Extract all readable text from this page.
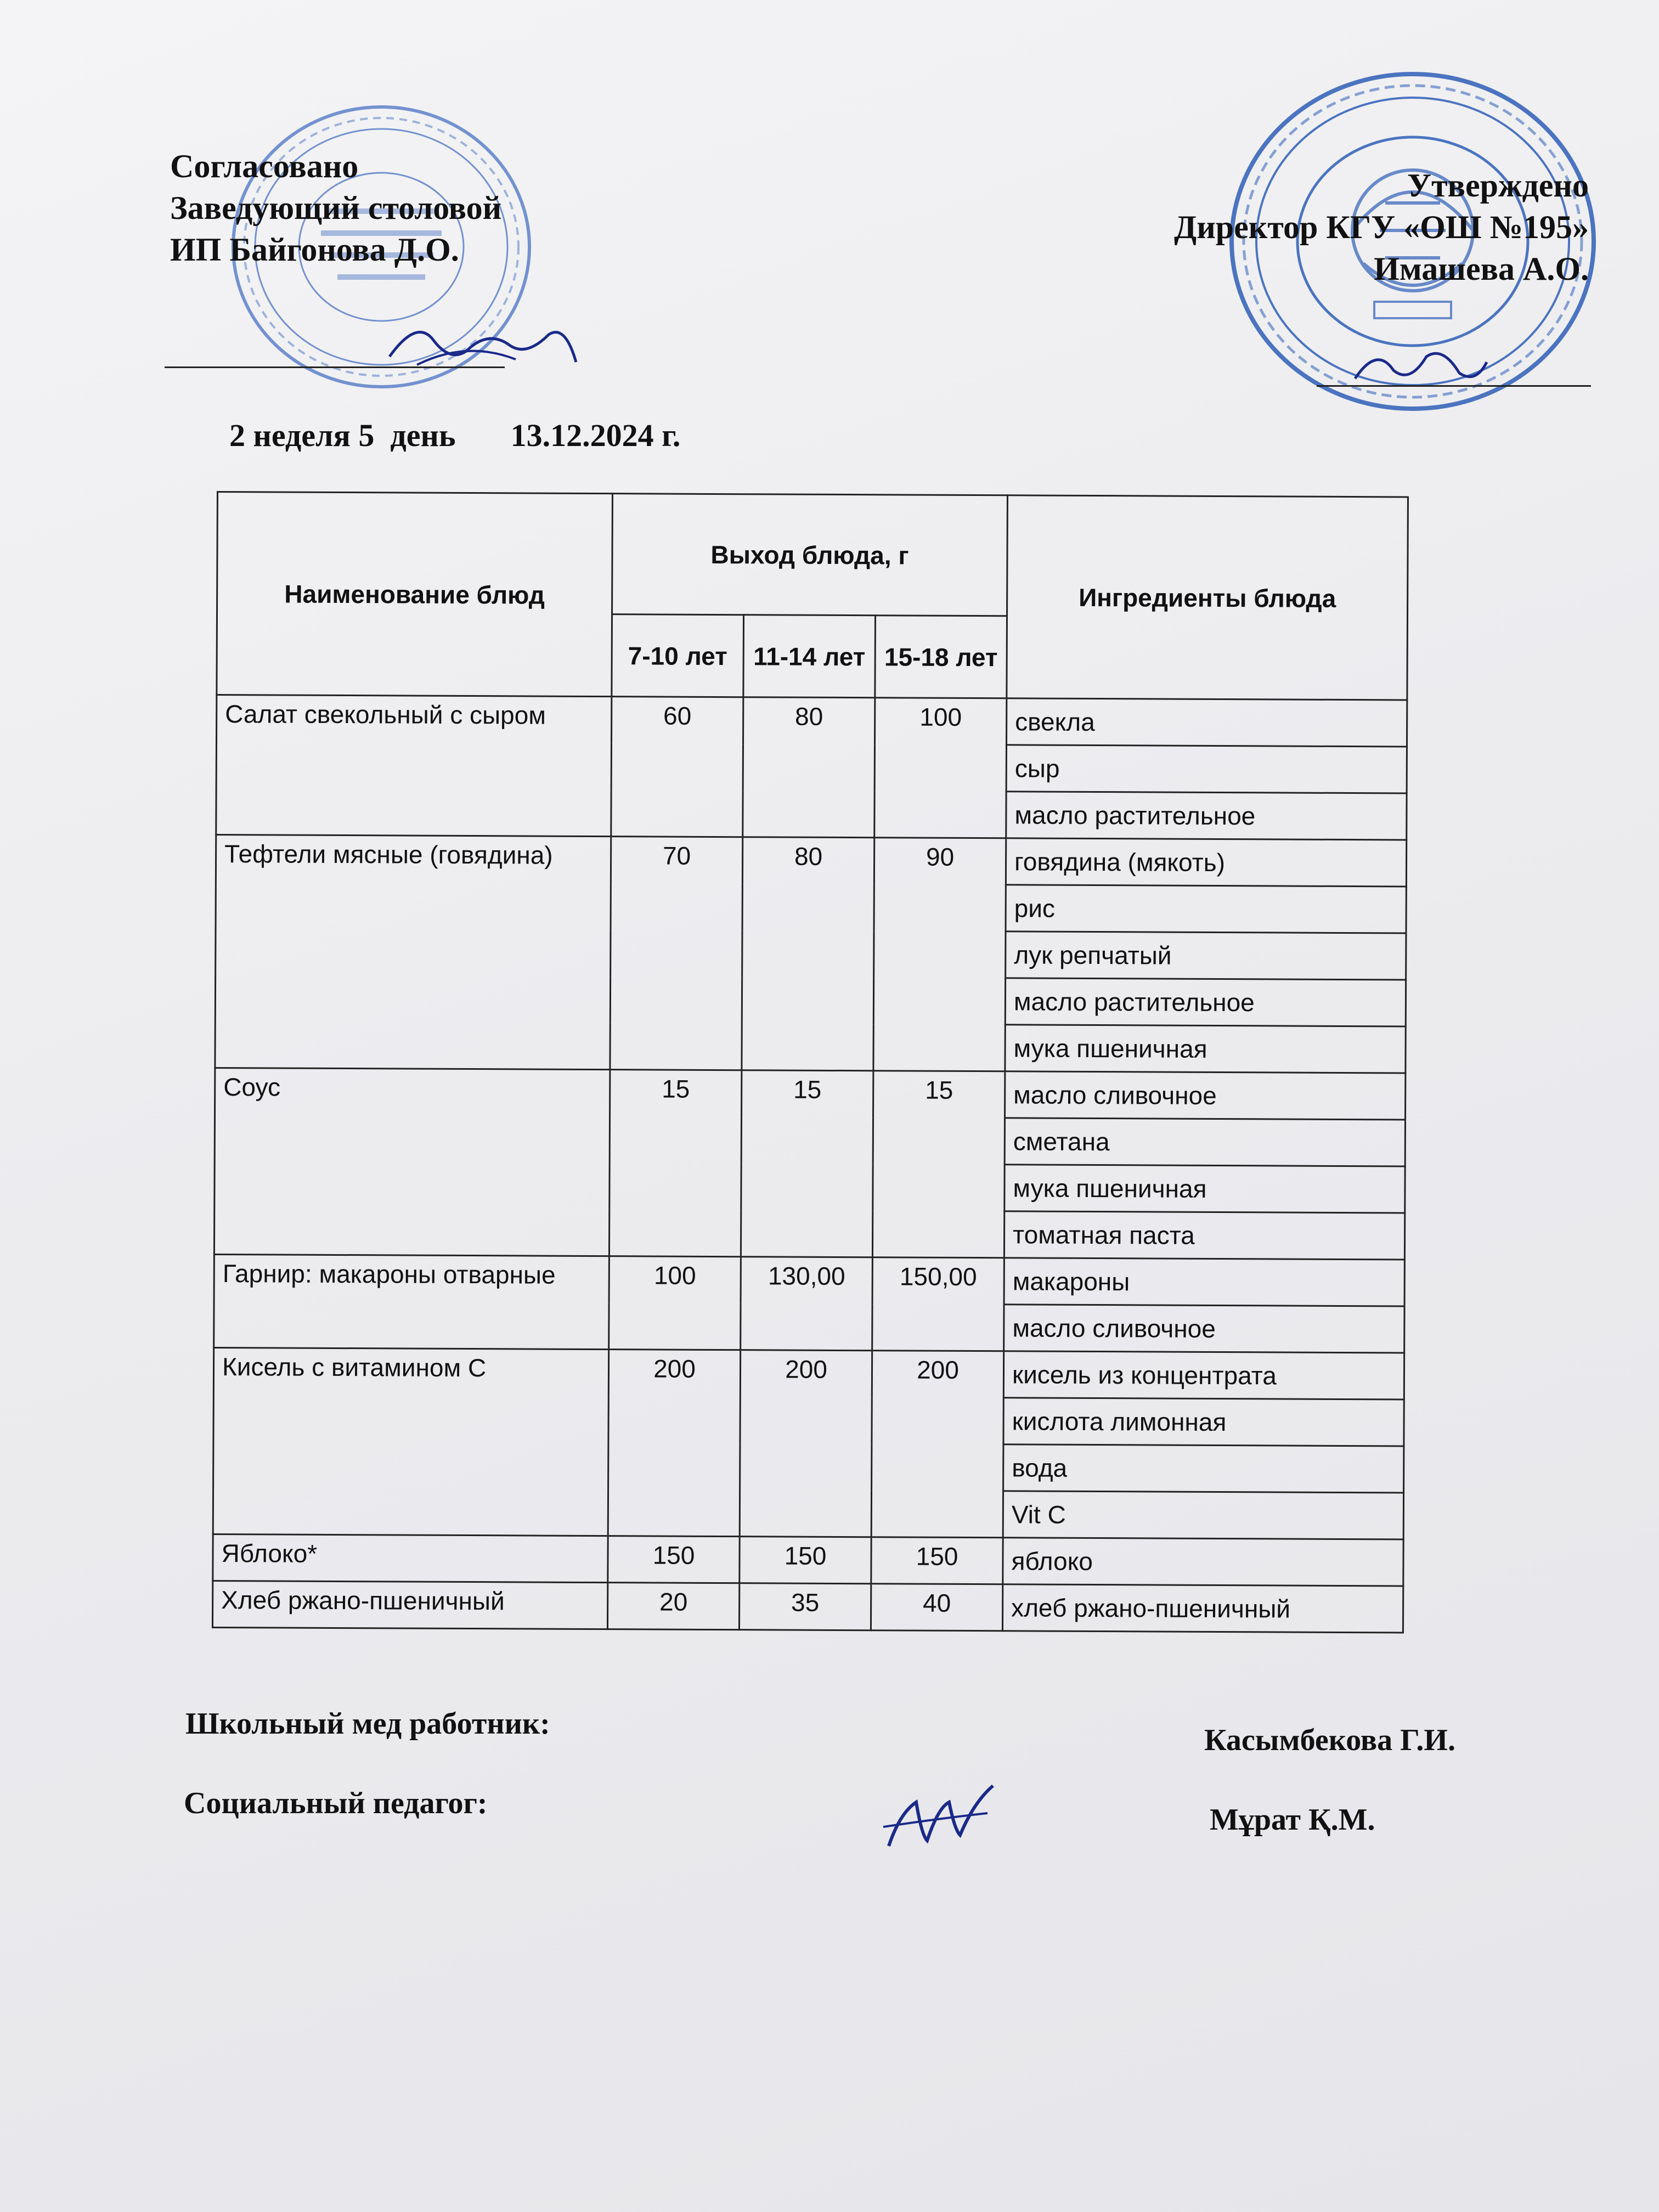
Согласовано
Заведующий столовой
ИП Байгонова Д.О.
Утверждено
Директор КГУ «ОШ №195»
Имашева А.О.
2 неделя 5  день 13.12.2024 г.
Наименование блюд	Выход блюда, г			Ингредиенты блюда
	7-10 лет	11-14 лет	15-18 лет	
Салат свекольный с сыром	60	80	100	свекла
				сыр
				масло растительное
Тефтели мясные (говядина)	70	80	90	говядина (мякоть)
				рис
				лук репчатый
				масло растительное
				мука пшеничная
Соус	15	15	15	масло сливочное
				сметана
				мука пшеничная
				томатная паста
Гарнир: макароны отварные	100	130,00	150,00	макароны
				масло сливочное
Кисель с витамином С	200	200	200	кисель из концентрата
				кислота лимонная
				вода
				Vit C
Яблоко*	150	150	150	яблоко
Хлеб ржано-пшеничный	20	35	40	хлеб ржано-пшеничный
Школьный мед работник:	Касымбекова Г.И.
Социальный педагог:	Мұрат Қ.М.
